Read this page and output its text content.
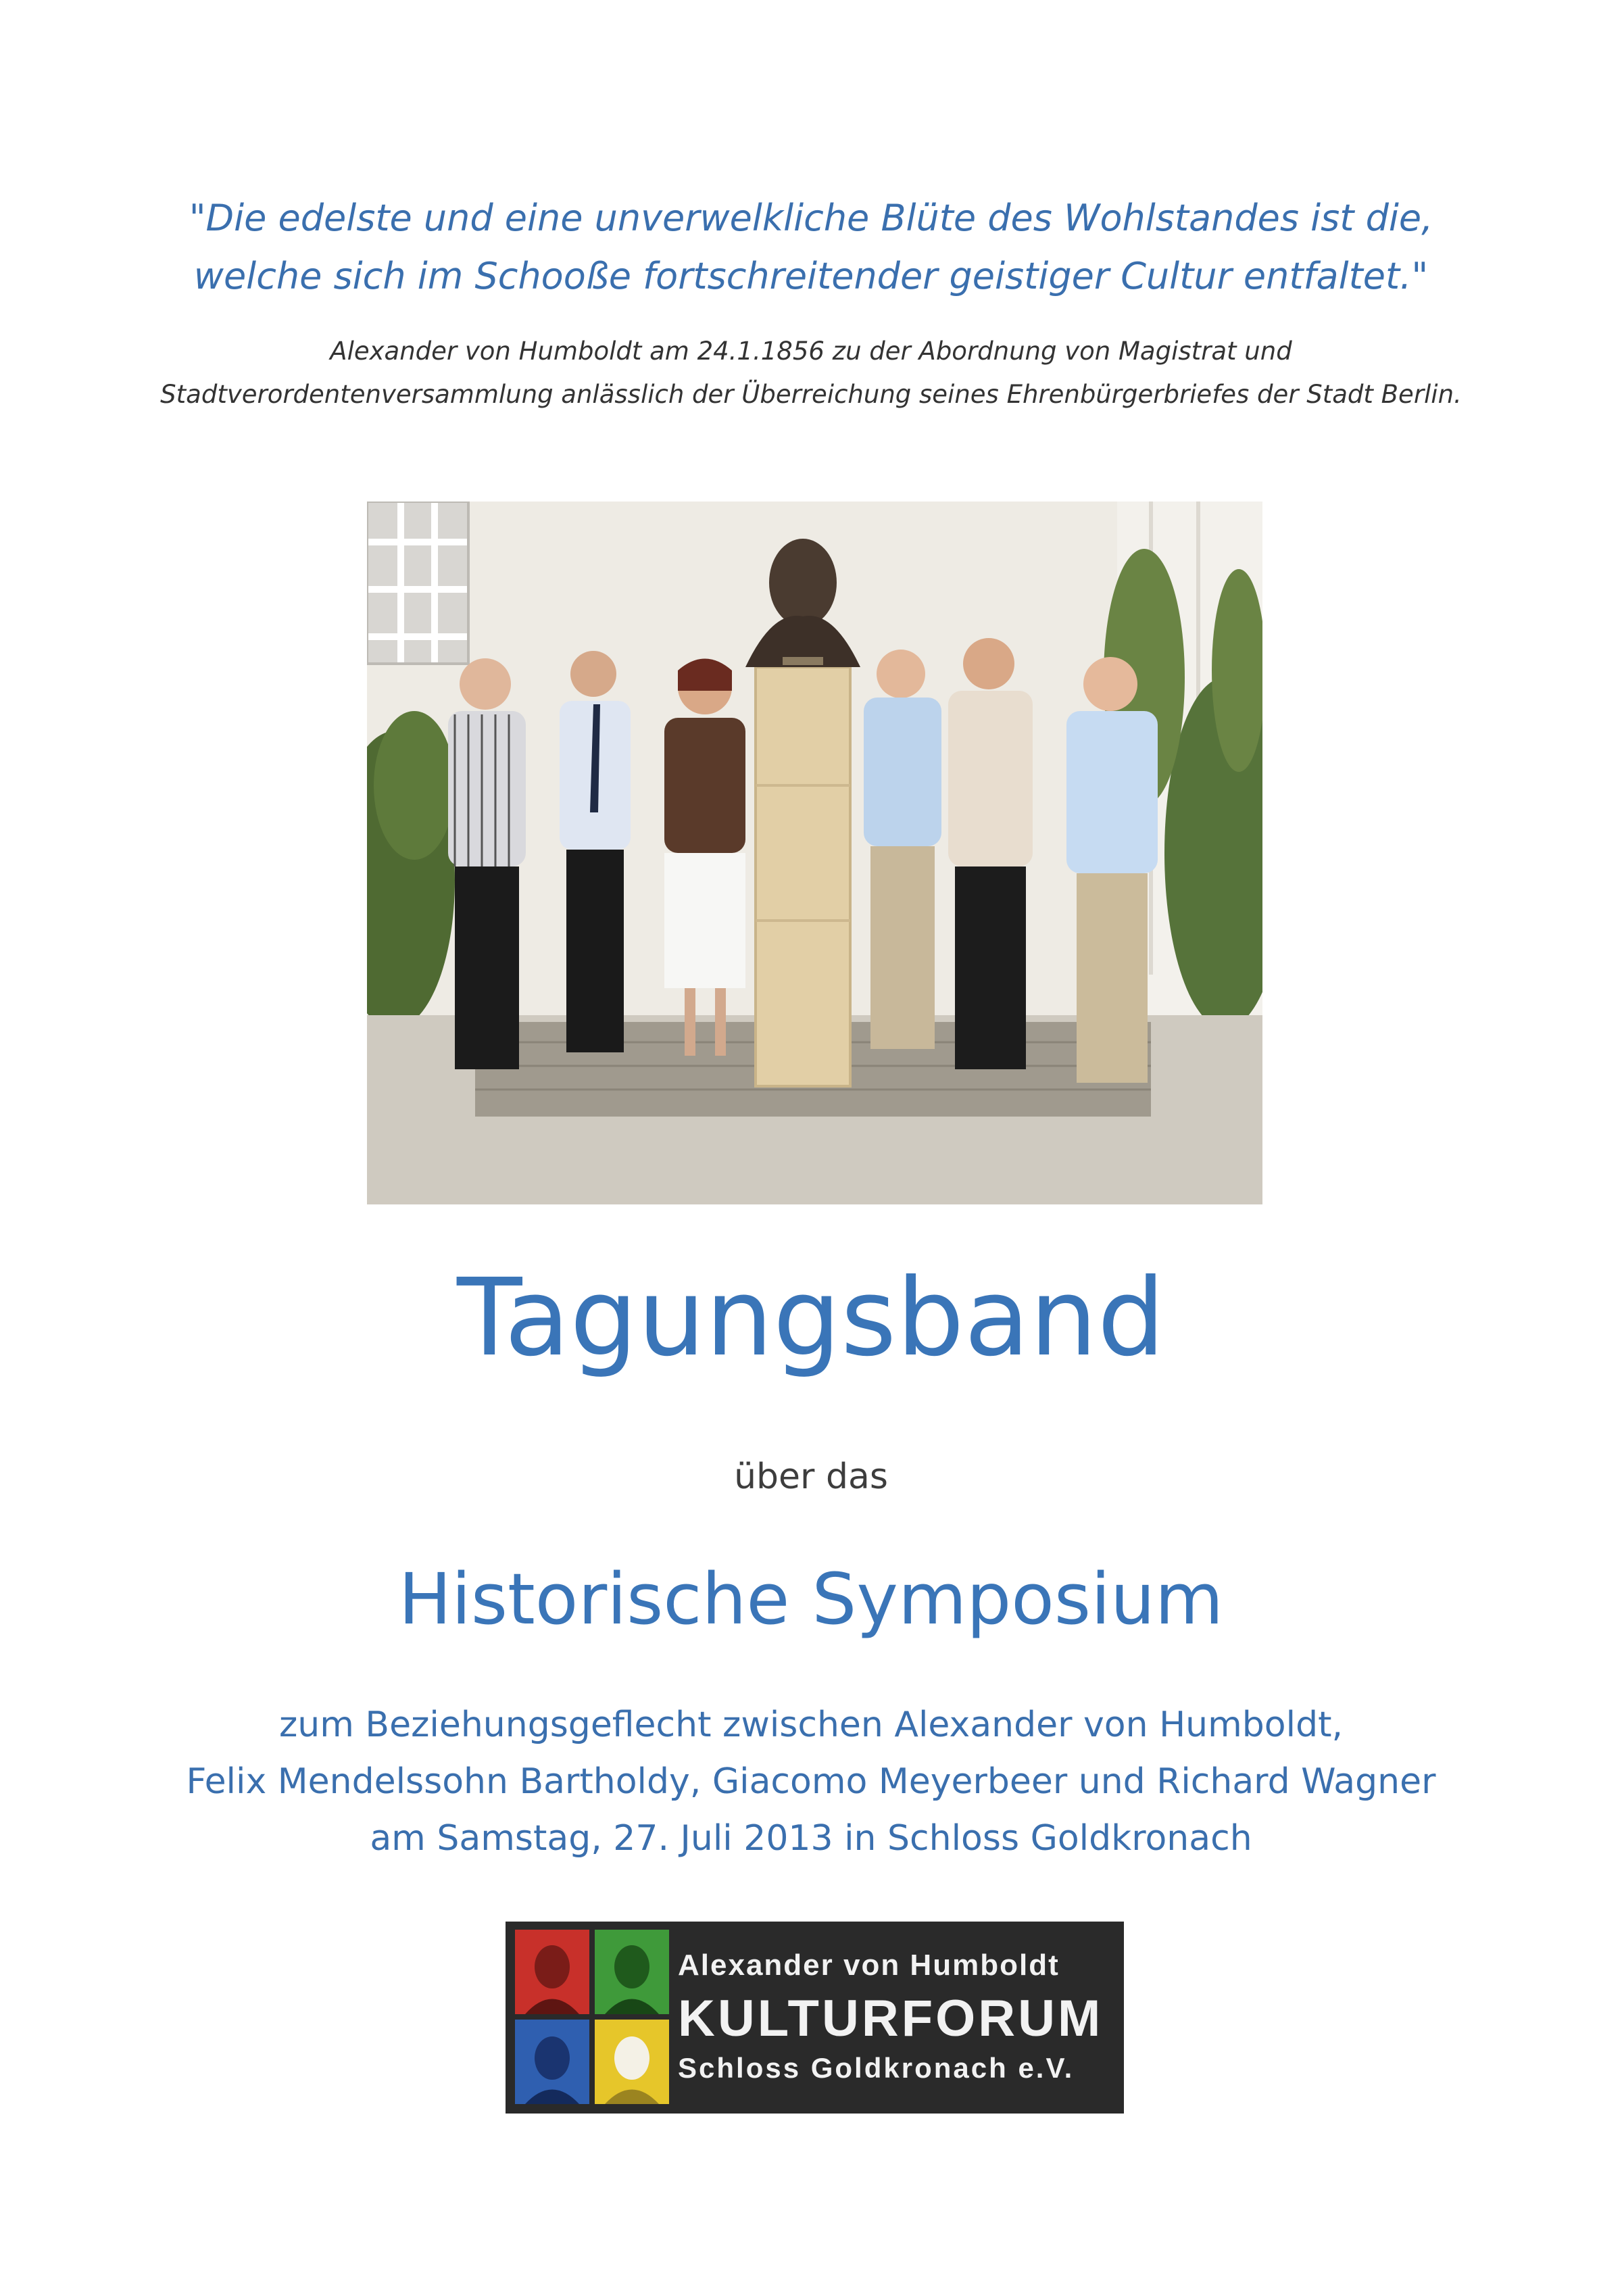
"Die edelste und eine unverwelkliche Blüte des Wohlstandes ist die,
welche sich im Schooße fortschreitender geistiger Cultur entfaltet."
Alexander von Humboldt am 24.1.1856 zu der Abordnung von Magistrat und
Stadtverordentenversammlung anlässlich der Überreichung seines Ehrenbürgerbriefes der Stadt Berlin.
Tagungsband
über das
Historische Symposium
zum Beziehungsgeflecht zwischen Alexander von Humboldt,
Felix Mendelssohn Bartholdy, Giacomo Meyerbeer und Richard Wagner
am Samstag, 27. Juli 2013 in Schloss Goldkronach
Alexander von Humboldt
KULTURFORUM
Schloss Goldkronach e.V.
